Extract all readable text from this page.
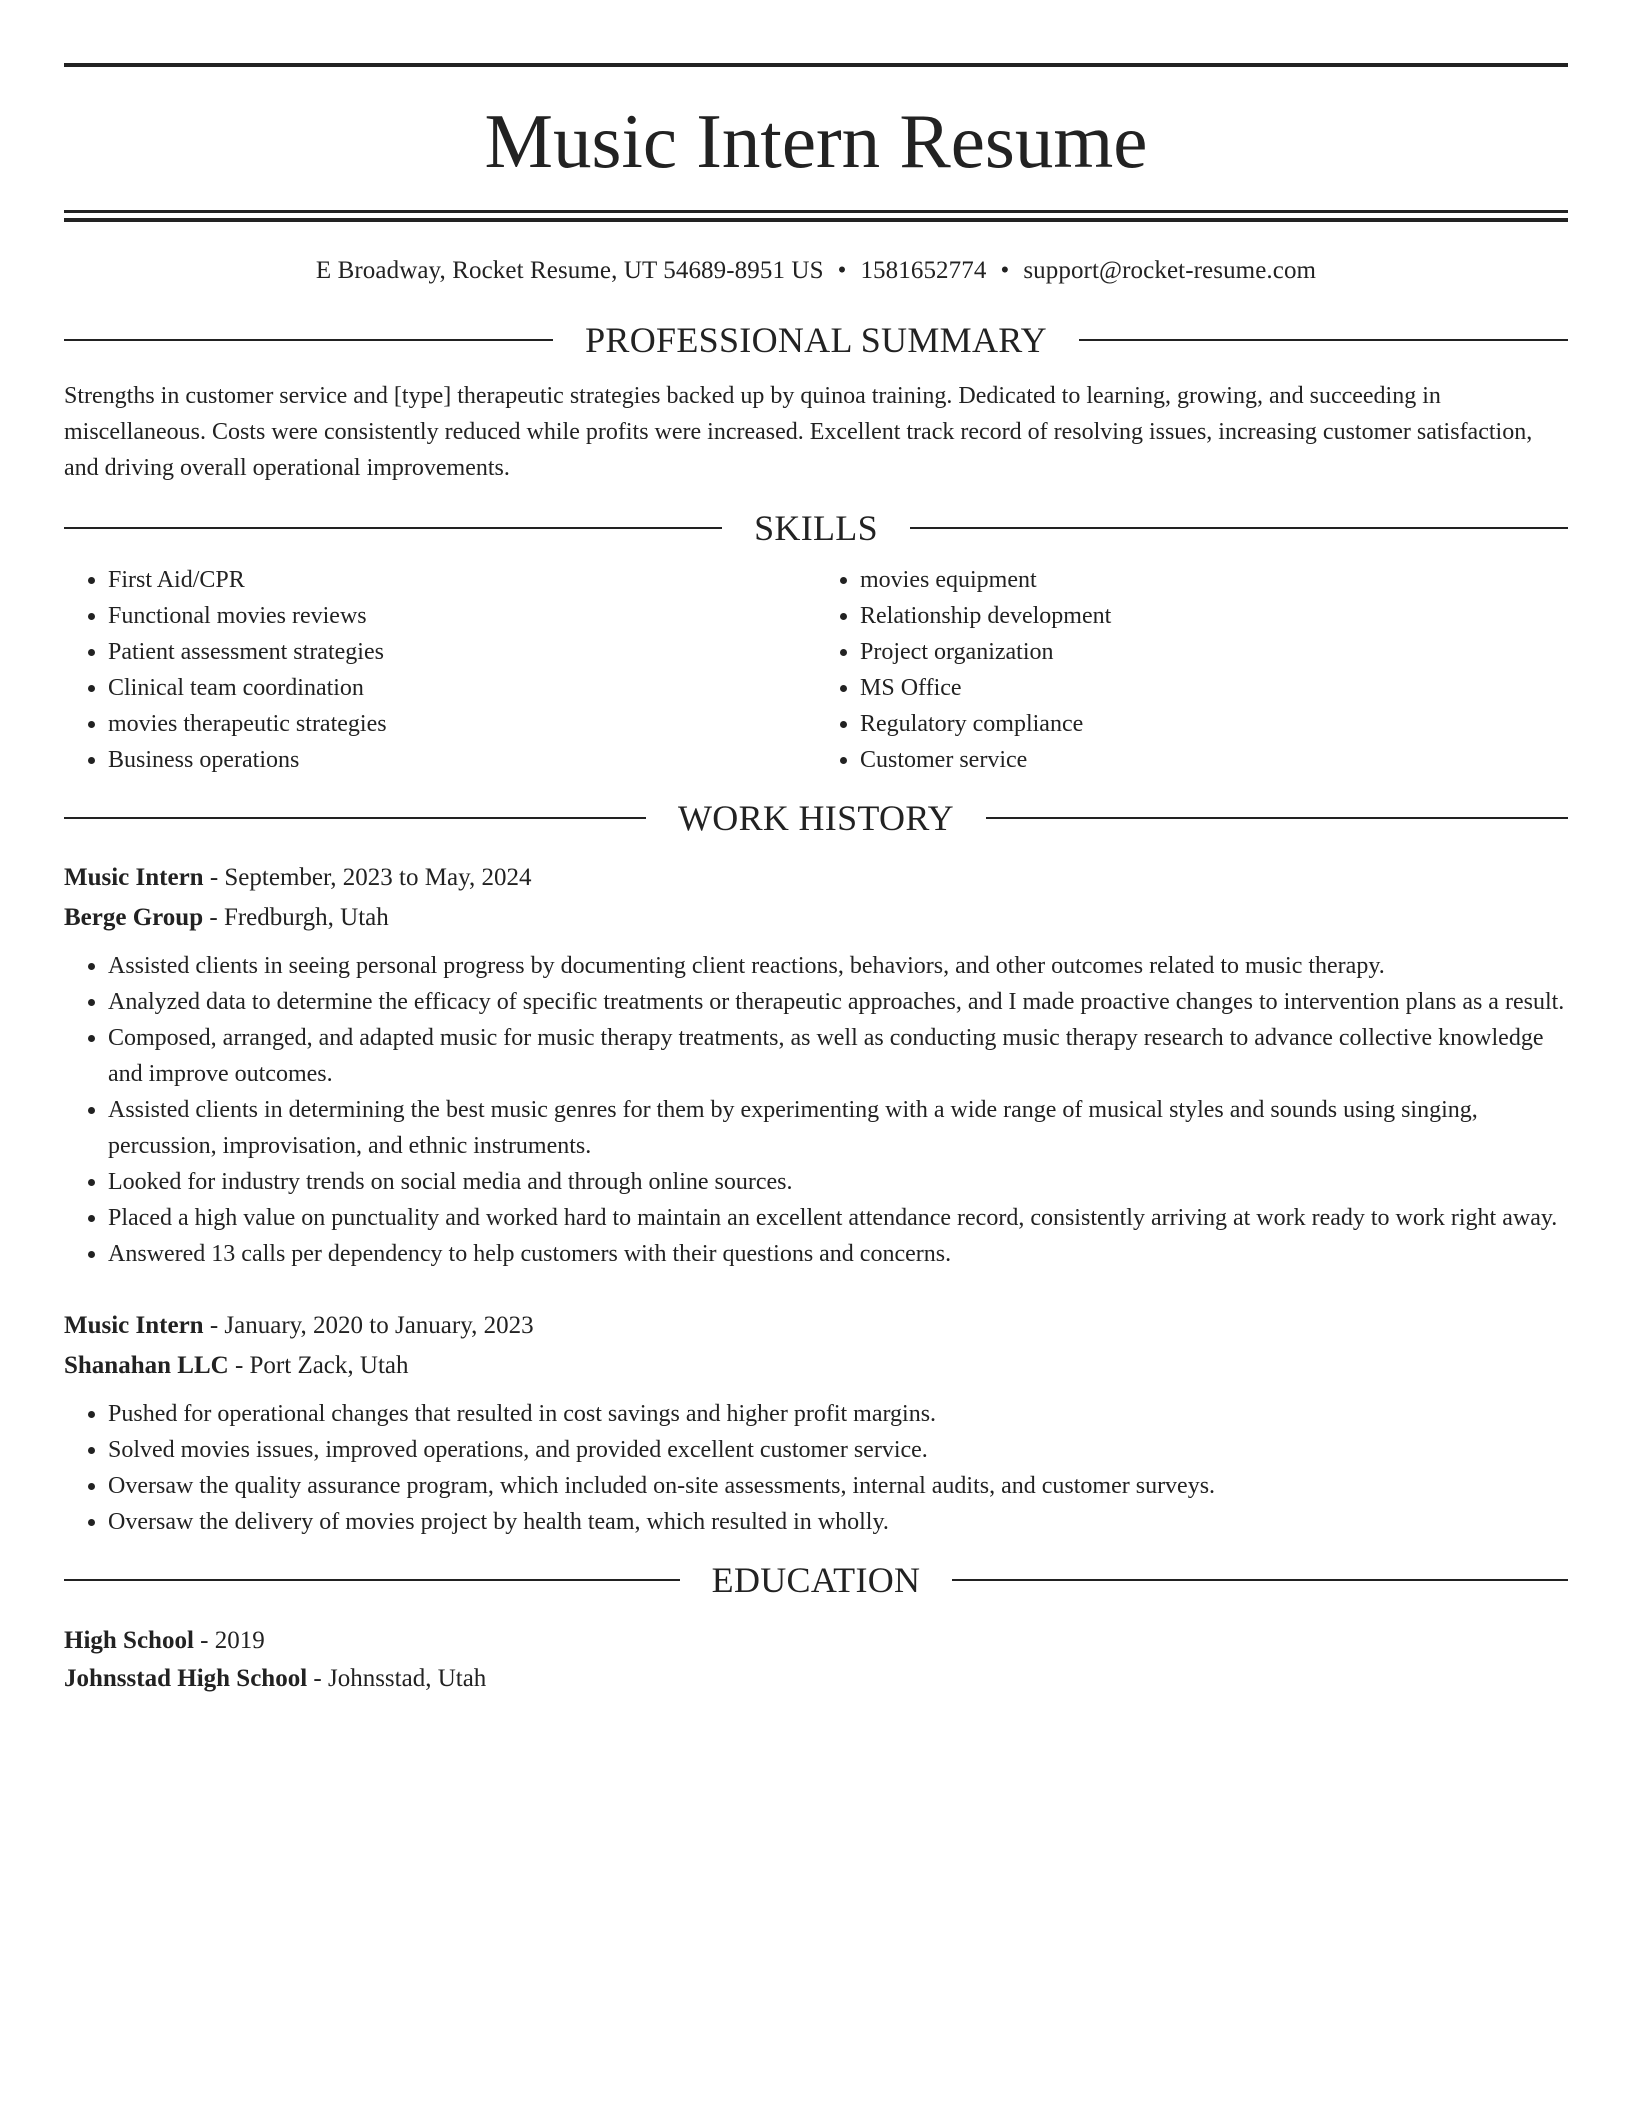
Music Intern Resume
E Broadway, Rocket Resume, UT 54689-8951 US • 1581652774 • support@rocket-resume.com
PROFESSIONAL SUMMARY

Strengths in customer service and [type] therapeutic strategies backed up by quinoa training. Dedicated to learning, growing, and succeeding in miscellaneous. Costs were consistently reduced while profits were increased. Excellent track record of resolving issues, increasing customer satisfaction, and driving overall operational improvements.

SKILLS
• First Aid/CPR
• Functional movies reviews
• Patient assessment strategies
• Clinical team coordination
• movies therapeutic strategies
• Business operations
• movies equipment
• Relationship development
• Project organization
• MS Office
• Regulatory compliance
• Customer service
WORK HISTORY
Music Intern - September, 2023 to May, 2024
Berge Group - Fredburgh, Utah
• Assisted clients in seeing personal progress by documenting client reactions, behaviors, and other outcomes related to music therapy.
• Analyzed data to determine the efficacy of specific treatments or therapeutic approaches, and I made proactive changes to intervention plans as a result.
• Composed, arranged, and adapted music for music therapy treatments, as well as conducting music therapy research to advance collective knowledge and improve outcomes.
• Assisted clients in determining the best music genres for them by experimenting with a wide range of musical styles and sounds using singing, percussion, improvisation, and ethnic instruments.
• Looked for industry trends on social media and through online sources.
• Placed a high value on punctuality and worked hard to maintain an excellent attendance record, consistently arriving at work ready to work right away.
• Answered 13 calls per dependency to help customers with their questions and concerns.
Music Intern - January, 2020 to January, 2023
Shanahan LLC - Port Zack, Utah
• Pushed for operational changes that resulted in cost savings and higher profit margins.
• Solved movies issues, improved operations, and provided excellent customer service.
• Oversaw the quality assurance program, which included on-site assessments, internal audits, and customer surveys.
• Oversaw the delivery of movies project by health team, which resulted in wholly.
EDUCATION
High School - 2019
Johnsstad High School - Johnsstad, Utah
